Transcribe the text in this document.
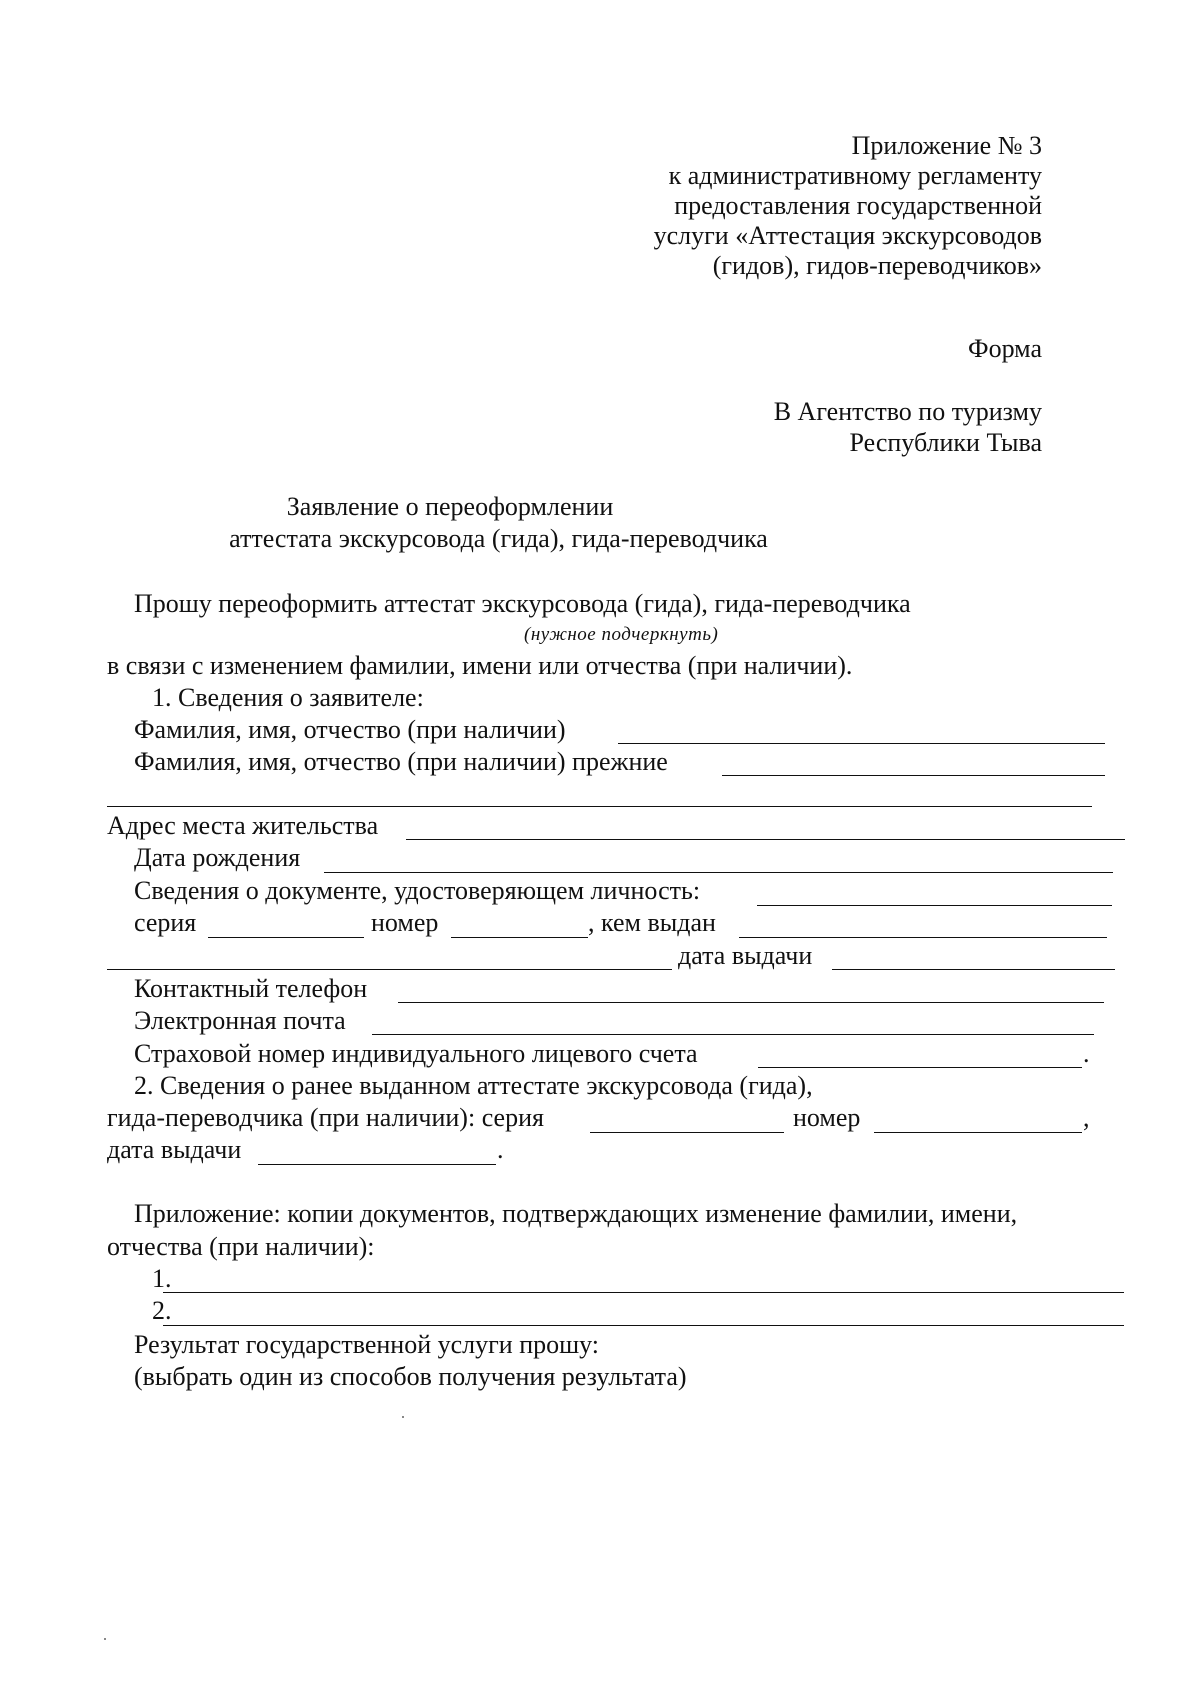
Приложение № 3
к административному регламенту
предоставления государственной
услуги «Аттестация экскурсоводов
(гидов), гидов-переводчиков»
Форма
В Агентство по туризму
Республики Тыва
Заявление о переоформлении
аттестата экскурсовода (гида), гида-переводчика
Прошу переоформить аттестат экскурсовода (гида), гида-переводчика
(нужное подчеркнуть)
в связи с изменением фамилии, имени или отчества (при наличии).
1. Сведения о заявителе:
Фамилия, имя, отчество (при наличии)
Фамилия, имя, отчество (при наличии) прежние
Адрес места жительства
Дата рождения
Сведения о документе, удостоверяющем личность:
серия	номер	, кем выдан
дата выдачи
Контактный телефон
Электронная почта
Страховой номер индивидуального лицевого счета	.
2. Сведения о ранее выданном аттестате экскурсовода (гида),
гида-переводчика (при наличии): серия	номер	,
дата выдачи	.
Приложение: копии документов, подтверждающих изменение фамилии, имени,
отчества (при наличии):
1.
2.
Результат государственной услуги прошу:
(выбрать один из способов получения результата)
